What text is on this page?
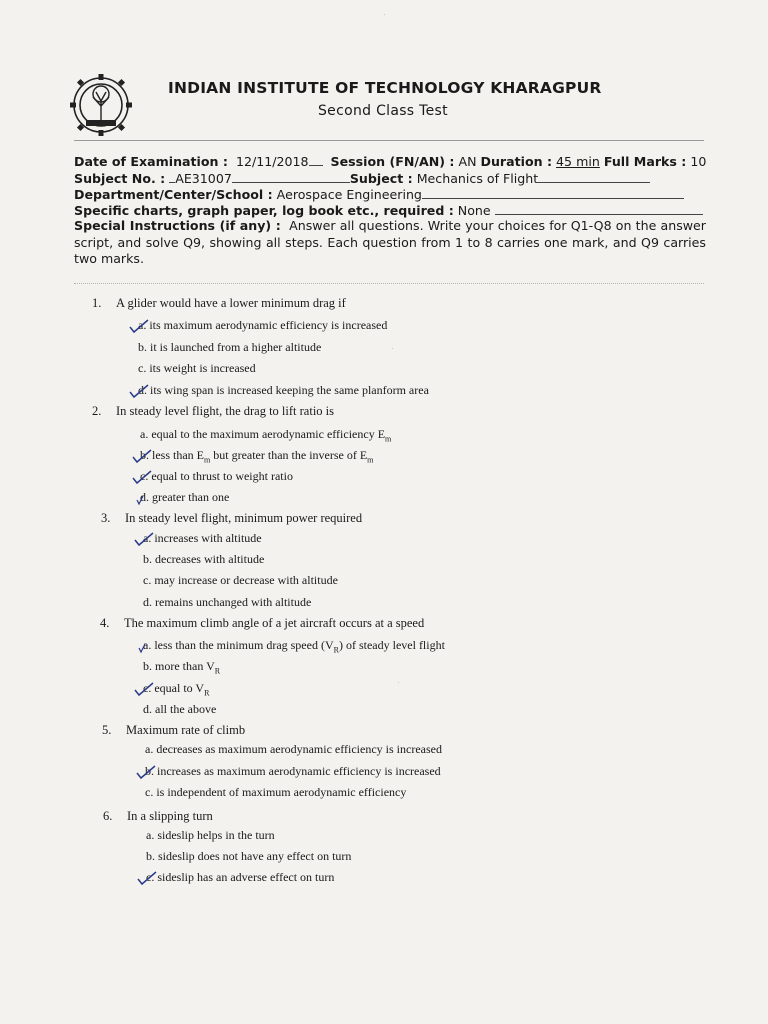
INDIAN INSTITUTE OF TECHNOLOGY KHARAGPUR
Second Class Test
Date of Examination : 12/11/2018 Session (FN/AN) : AN Duration : 45 min Full Marks : 10
Subject No. : AE31007	Subject : Mechanics of Flight
Department/Center/School : Aerospace Engineering
Specific charts, graph paper, log book etc., required : None
Special Instructions (if any) : Answer all questions. Write your choices for Q1-Q8 on the answer script, and solve Q9, showing all steps. Each question from 1 to 8 carries one mark, and Q9 carries two marks.
1. A glider would have a lower minimum drag if
a. its maximum aerodynamic efficiency is increased
b. it is launched from a higher altitude
c. its weight is increased
d. its wing span is increased keeping the same planform area
2. In steady level flight, the drag to lift ratio is
a. equal to the maximum aerodynamic efficiency $E_m$
b. less than $E_m$ but greater than the inverse of $E_m$
c. equal to thrust to weight ratio
d. greater than one
3. In steady level flight, minimum power required
a. increases with altitude
b. decreases with altitude
c. may increase or decrease with altitude
d. remains unchanged with altitude
4. The maximum climb angle of a jet aircraft occurs at a speed
a. less than the minimum drag speed $(V_R)$ of steady level flight
b. more than $V_R$
c. equal to $V_R$
d. all the above
5. Maximum rate of climb
a. decreases as maximum aerodynamic efficiency is increased
b. increases as maximum aerodynamic efficiency is increased
c. is independent of maximum aerodynamic efficiency
6. In a slipping turn
a. sideslip helps in the turn
b. sideslip does not have any effect on turn
c. sideslip has an adverse effect on turn
